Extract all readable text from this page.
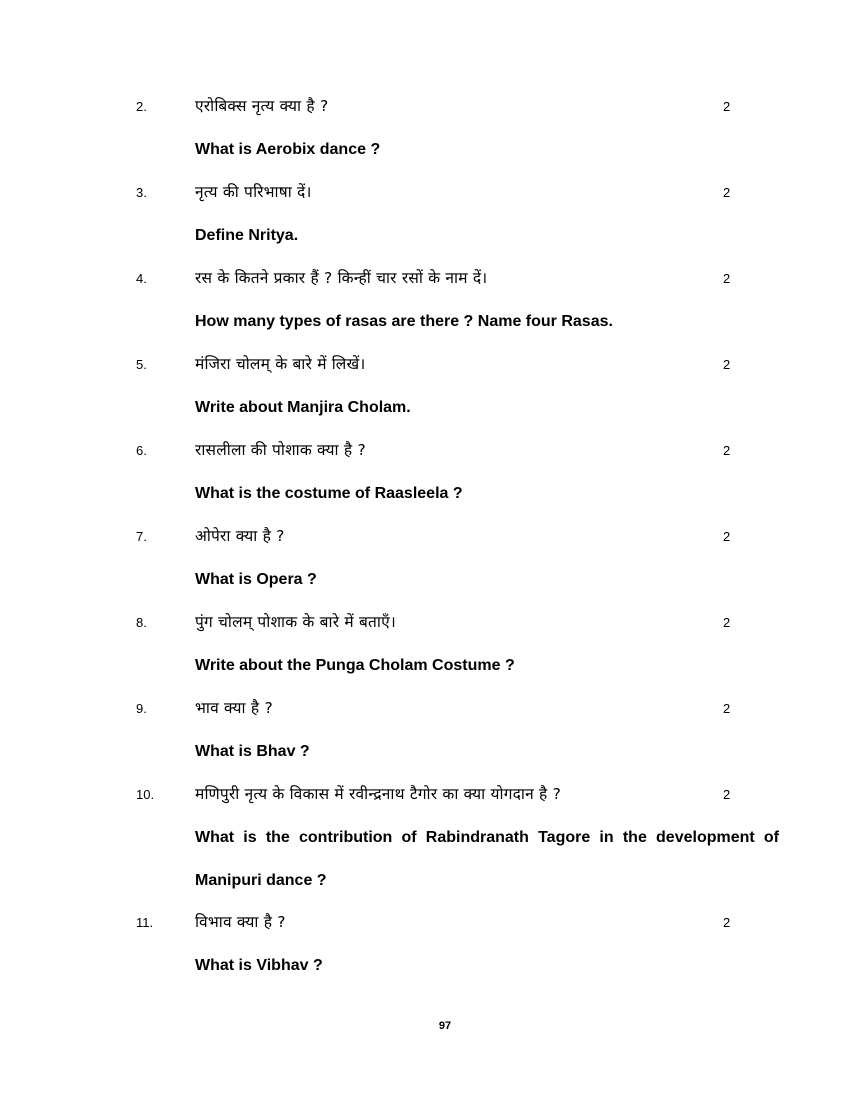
2.	एरोबिक्स नृत्य क्या है ?	2
What is Aerobix dance ?
3.	नृत्य की परिभाषा दें।	2
Define Nritya.
4.	रस के कितने प्रकार हैं ? किन्हीं चार रसों के नाम दें।	2
How many types of rasas are there ? Name four Rasas.
5.	मंजिरा चोलम् के बारे में लिखें।	2
Write about Manjira Cholam.
6.	रासलीला की पोशाक क्या है ?	2
What is the costume of Raasleela ?
7.	ओपेरा क्या है ?	2
What is Opera ?
8.	पुंग चोलम् पोशाक के बारे में बताएँ।	2
Write about the Punga Cholam Costume ?
9.	भाव क्या है ?	2
What is Bhav ?
10.	मणिपुरी नृत्य के विकास में रवीन्द्रनाथ टैगोर का क्या योगदान है ?	2
What is the contribution of Rabindranath Tagore in the development of
Manipuri dance ?
11.	विभाव क्या है ?	2
What is Vibhav ?
97
